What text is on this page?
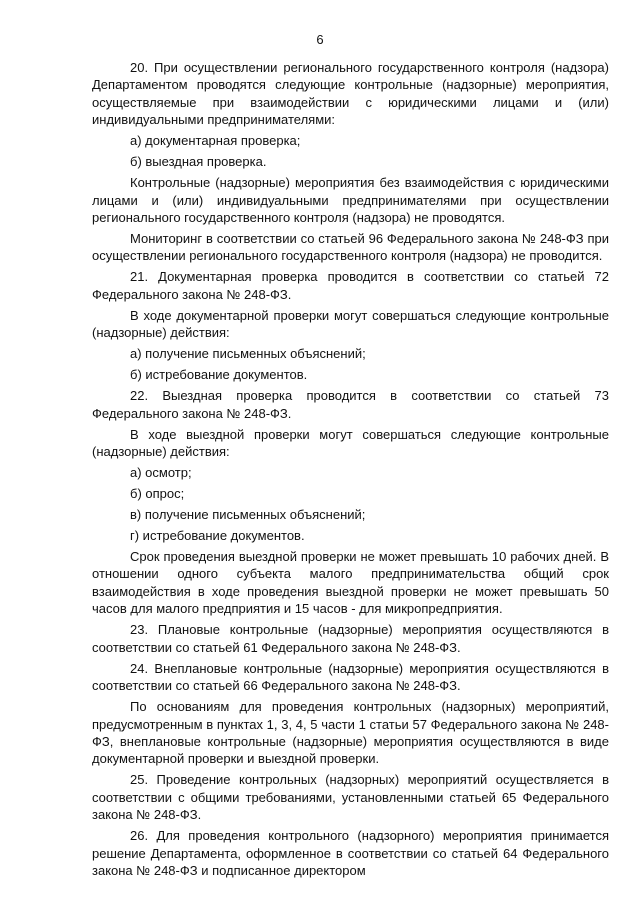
6

20. При осуществлении регионального государственного контроля (надзора) Департаментом проводятся следующие контрольные (надзорные) мероприятия, осуществляемые при взаимодействии с юридическими лицами и (или) индивидуальными предпринимателями:

а) документарная проверка;

б) выездная проверка.

Контрольные (надзорные) мероприятия без взаимодействия с юридическими лицами и (или) индивидуальными предпринимателями при осуществлении регионального государственного контроля (надзора) не проводятся.

Мониторинг в соответствии со статьей 96 Федерального закона № 248-ФЗ при осуществлении регионального государственного контроля (надзора) не проводится.

21. Документарная проверка проводится в соответствии со статьей 72 Федерального закона № 248-ФЗ.

В ходе документарной проверки могут совершаться следующие контрольные (надзорные) действия:

а) получение письменных объяснений;

б) истребование документов.

22. Выездная проверка проводится в соответствии со статьей 73 Федерального закона № 248-ФЗ.

В ходе выездной проверки могут совершаться следующие контрольные (надзорные) действия:

а) осмотр;

б) опрос;

в) получение письменных объяснений;

г) истребование документов.

Срок проведения выездной проверки не может превышать 10 рабочих дней. В отношении одного субъекта малого предпринимательства общий срок взаимодействия в ходе проведения выездной проверки не может превышать 50 часов для малого предприятия и 15 часов - для микропредприятия.

23. Плановые контрольные (надзорные) мероприятия осуществляются в соответствии со статьей 61 Федерального закона № 248-ФЗ.

24. Внеплановые контрольные (надзорные) мероприятия осуществляются в соответствии со статьей 66 Федерального закона № 248-ФЗ.

По основаниям для проведения контрольных (надзорных) мероприятий, предусмотренным в пунктах 1, 3, 4, 5 части 1 статьи 57 Федерального закона № 248-ФЗ, внеплановые контрольные (надзорные) мероприятия осуществляются в виде документарной проверки и выездной проверки.

25. Проведение контрольных (надзорных) мероприятий осуществляется в соответствии с общими требованиями, установленными статьей 65 Федерального закона № 248-ФЗ.

26. Для проведения контрольного (надзорного) мероприятия принимается решение Департамента, оформленное в соответствии со статьей 64 Федерального закона № 248-ФЗ и подписанное директором
